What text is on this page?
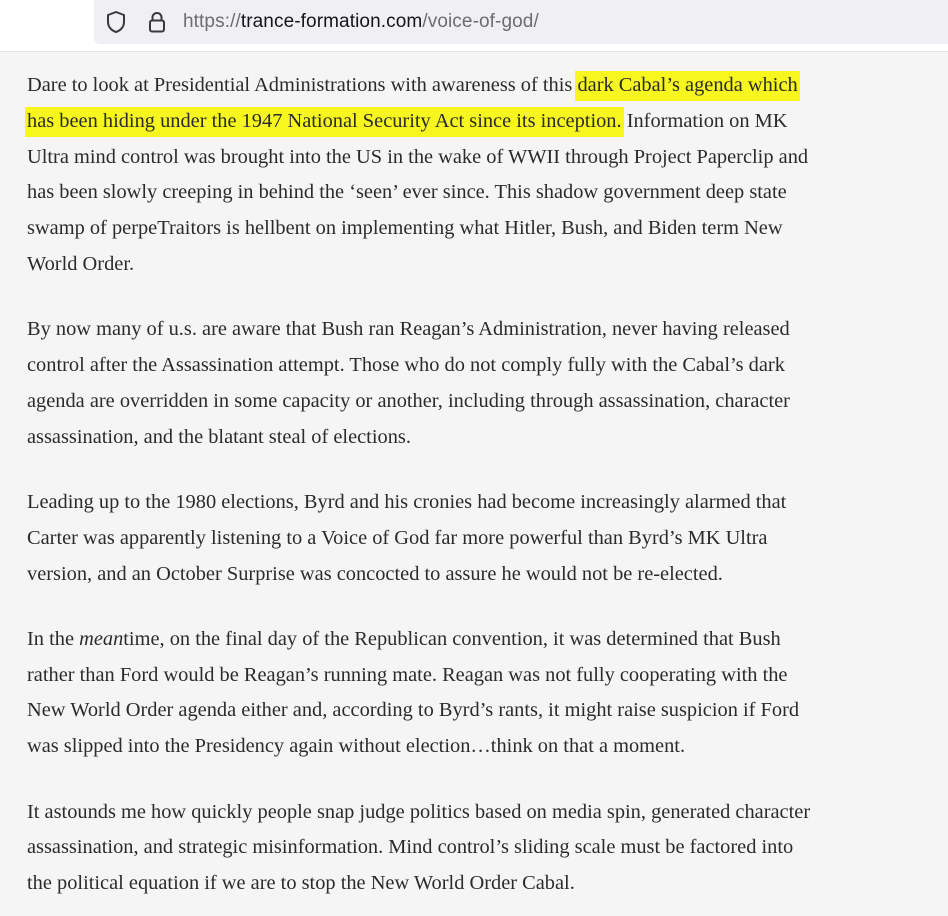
https://trance-formation.com/voice-of-god/

Dare to look at Presidential Administrations with awareness of this dark Cabal’s agenda which
has been hiding under the 1947 National Security Act since its inception. Information on MK
Ultra mind control was brought into the US in the wake of WWII through Project Paperclip and
has been slowly creeping in behind the ‘seen’ ever since. This shadow government deep state
swamp of perpeTraitors is hellbent on implementing what Hitler, Bush, and Biden term New
World Order.

By now many of u.s. are aware that Bush ran Reagan’s Administration, never having released
control after the Assassination attempt. Those who do not comply fully with the Cabal’s dark
agenda are overridden in some capacity or another, including through assassination, character
assassination, and the blatant steal of elections.

Leading up to the 1980 elections, Byrd and his cronies had become increasingly alarmed that
Carter was apparently listening to a Voice of God far more powerful than Byrd’s MK Ultra
version, and an October Surprise was concocted to assure he would not be re-elected.

In the meantime, on the final day of the Republican convention, it was determined that Bush
rather than Ford would be Reagan’s running mate. Reagan was not fully cooperating with the
New World Order agenda either and, according to Byrd’s rants, it might raise suspicion if Ford
was slipped into the Presidency again without election…think on that a moment.

It astounds me how quickly people snap judge politics based on media spin, generated character
assassination, and strategic misinformation. Mind control’s sliding scale must be factored into
the political equation if we are to stop the New World Order Cabal.
